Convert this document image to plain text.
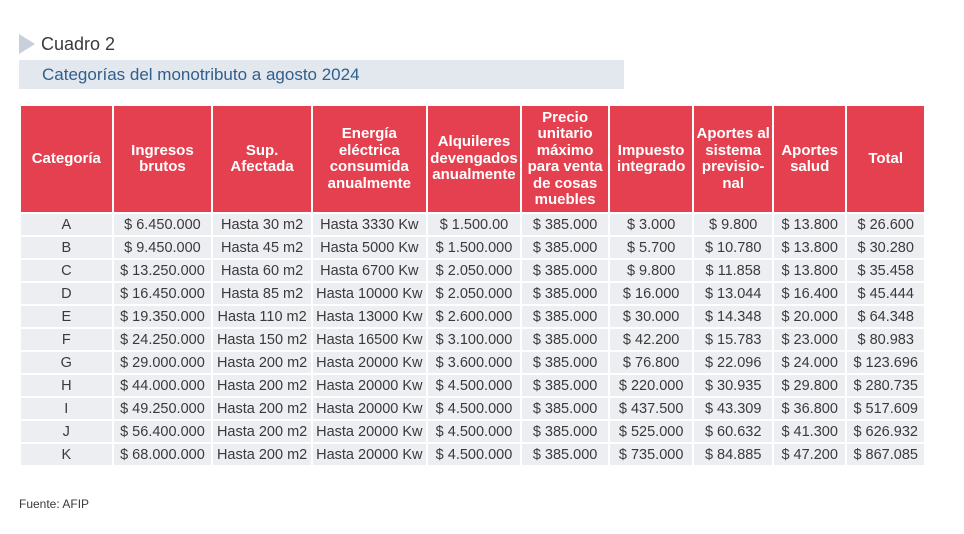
Cuadro 2
Categorías del monotributo a agosto 2024
Categoría	Ingresos brutos	Sup. Afectada	Energía eléctrica consumida anualmente	Alquileres devengados anualmente	Precio unitario máximo para venta de cosas muebles	Impuesto integrado	Aportes al sistema previsio-nal	Aportes salud	Total
A	$ 6.450.000	Hasta 30 m2	Hasta 3330 Kw	$ 1.500.00	$ 385.000	$ 3.000	$ 9.800	$ 13.800	$ 26.600
B	$ 9.450.000	Hasta 45 m2	Hasta 5000 Kw	$ 1.500.000	$ 385.000	$ 5.700	$ 10.780	$ 13.800	$ 30.280
C	$ 13.250.000	Hasta 60 m2	Hasta 6700 Kw	$ 2.050.000	$ 385.000	$ 9.800	$ 11.858	$ 13.800	$ 35.458
D	$ 16.450.000	Hasta 85 m2	Hasta 10000 Kw	$ 2.050.000	$ 385.000	$ 16.000	$ 13.044	$ 16.400	$ 45.444
E	$ 19.350.000	Hasta 110 m2	Hasta 13000 Kw	$ 2.600.000	$ 385.000	$ 30.000	$ 14.348	$ 20.000	$ 64.348
F	$ 24.250.000	Hasta 150 m2	Hasta 16500 Kw	$ 3.100.000	$ 385.000	$ 42.200	$ 15.783	$ 23.000	$ 80.983
G	$ 29.000.000	Hasta 200 m2	Hasta 20000 Kw	$ 3.600.000	$ 385.000	$ 76.800	$ 22.096	$ 24.000	$ 123.696
H	$ 44.000.000	Hasta 200 m2	Hasta 20000 Kw	$ 4.500.000	$ 385.000	$ 220.000	$ 30.935	$ 29.800	$ 280.735
I	$ 49.250.000	Hasta 200 m2	Hasta 20000 Kw	$ 4.500.000	$ 385.000	$ 437.500	$ 43.309	$ 36.800	$ 517.609
J	$ 56.400.000	Hasta 200 m2	Hasta 20000 Kw	$ 4.500.000	$ 385.000	$ 525.000	$ 60.632	$ 41.300	$ 626.932
K	$ 68.000.000	Hasta 200 m2	Hasta 20000 Kw	$ 4.500.000	$ 385.000	$ 735.000	$ 84.885	$ 47.200	$ 867.085
Fuente: AFIP
